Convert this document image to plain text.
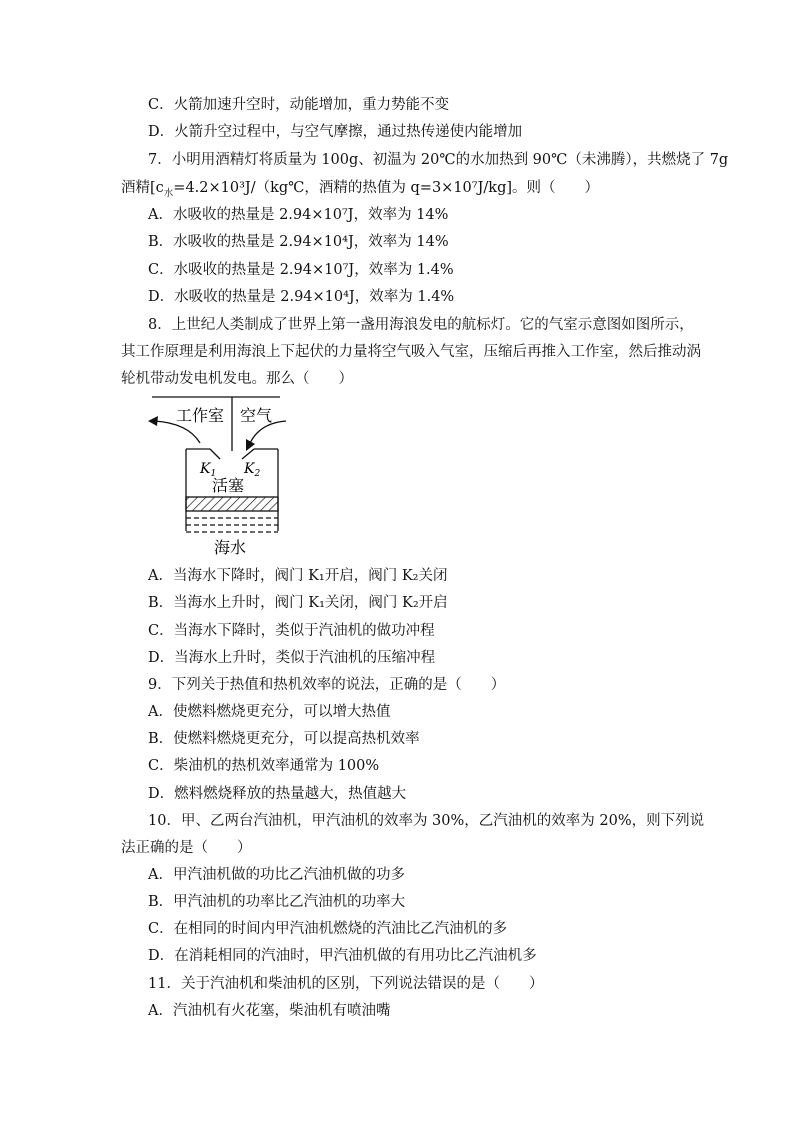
C．火箭加速升空时，动能增加，重力势能不变
D．火箭升空过程中，与空气摩擦，通过热传递使内能增加
7．小明用酒精灯将质量为 100g、初温为 20℃的水加热到 90℃（未沸腾），共燃烧了 7g
酒精[$c_水=4.2\times 10^3J/(kg℃$，酒精的热值为 q=3×10⁷J/kg]。则（　　）
A．水吸收的热量是 2.94×10⁷J，效率为 14%
B．水吸收的热量是 2.94×10⁴J，效率为 14%
C．水吸收的热量是 2.94×10⁷J，效率为 1.4%
D．水吸收的热量是 2.94×10⁴J，效率为 1.4%
8．上世纪人类制成了世界上第一盏用海浪发电的航标灯。它的气室示意图如图所示，
其工作原理是利用海浪上下起伏的力量将空气吸入气室，压缩后再推入工作室，然后推动涡
轮机带动发电机发电。那么（　　）
工作室 空气
$K_1$ $K_2$
活塞
海水
A．当海水下降时，阀门 K₁开启，阀门 K₂关闭
B．当海水上升时，阀门 K₁关闭，阀门 K₂开启
C．当海水下降时，类似于汽油机的做功冲程
D．当海水上升时，类似于汽油机的压缩冲程
9．下列关于热值和热机效率的说法，正确的是（　　）
A．使燃料燃烧更充分，可以增大热值
B．使燃料燃烧更充分，可以提高热机效率
C．柴油机的热机效率通常为 100%
D．燃料燃烧释放的热量越大，热值越大
10．甲、乙两台汽油机，甲汽油机的效率为 30%，乙汽油机的效率为 20%，则下列说
法正确的是（　　）
A．甲汽油机做的功比乙汽油机做的功多
B．甲汽油机的功率比乙汽油机的功率大
C．在相同的时间内甲汽油机燃烧的汽油比乙汽油机的多
D．在消耗相同的汽油时，甲汽油机做的有用功比乙汽油机多
11．关于汽油机和柴油机的区别，下列说法错误的是（　　）
A．汽油机有火花塞，柴油机有喷油嘴
